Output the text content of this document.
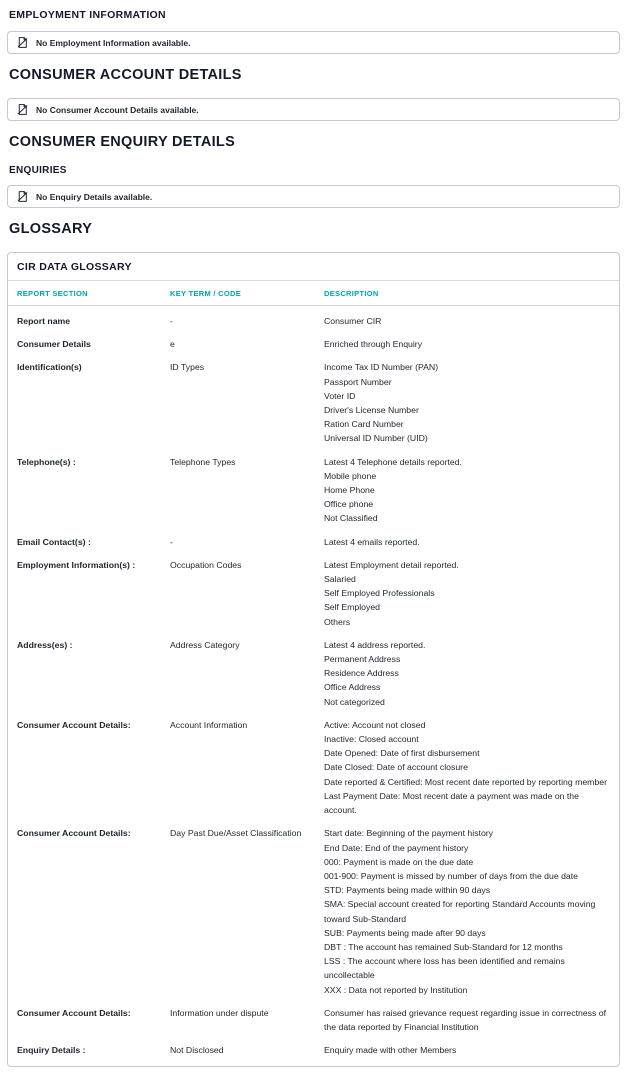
EMPLOYMENT INFORMATION
No Employment Information available.
CONSUMER ACCOUNT DETAILS
No Consumer Account Details available.
CONSUMER ENQUIRY DETAILS
ENQUIRIES
No Enquiry Details available.
GLOSSARY
CIR DATA GLOSSARY
REPORT SECTION	KEY TERM / CODE	DESCRIPTION
Report name	-	Consumer CIR

Consumer Details	e	Enriched through Enquiry

Identification(s)	ID Types	Income Tax ID Number (PAN)
Passport Number
Voter ID
Driver's License Number
Ration Card Number
Universal ID Number (UID)

Telephone(s) :	Telephone Types	Latest 4 Telephone details reported.
Mobile phone
Home Phone
Office phone
Not Classified

Email Contact(s) :	-	Latest 4 emails reported.

Employment Information(s) :	Occupation Codes	Latest Employment detail reported.
Salaried
Self Employed Professionals
Self Employed
Others

Address(es) :	Address Category	Latest 4 address reported.
Permanent Address
Residence Address
Office Address
Not categorized

Consumer Account Details:	Account Information	Active: Account not closed
Inactive: Closed account
Date Opened: Date of first disbursement
Date Closed: Date of account closure
Date reported & Certified: Most recent date reported by reporting member
Last Payment Date: Most recent date a payment was made on the account.

Consumer Account Details:	Day Past Due/Asset Classification	Start date: Beginning of the payment history
End Date: End of the payment history
000: Payment is made on the due date
001-900: Payment is missed by number of days from the due date
STD: Payments being made within 90 days
SMA: Special account created for reporting Standard Accounts moving toward Sub-Standard
SUB: Payments being made after 90 days
DBT : The account has remained Sub-Standard for 12 months
LSS : The account where loss has been identified and remains uncollectable
XXX : Data not reported by Institution

Consumer Account Details:	Information under dispute	Consumer has raised grievance request regarding issue in correctness of the data reported by Financial Institution

Enquiry Details :	Not Disclosed	Enquiry made with other Members
